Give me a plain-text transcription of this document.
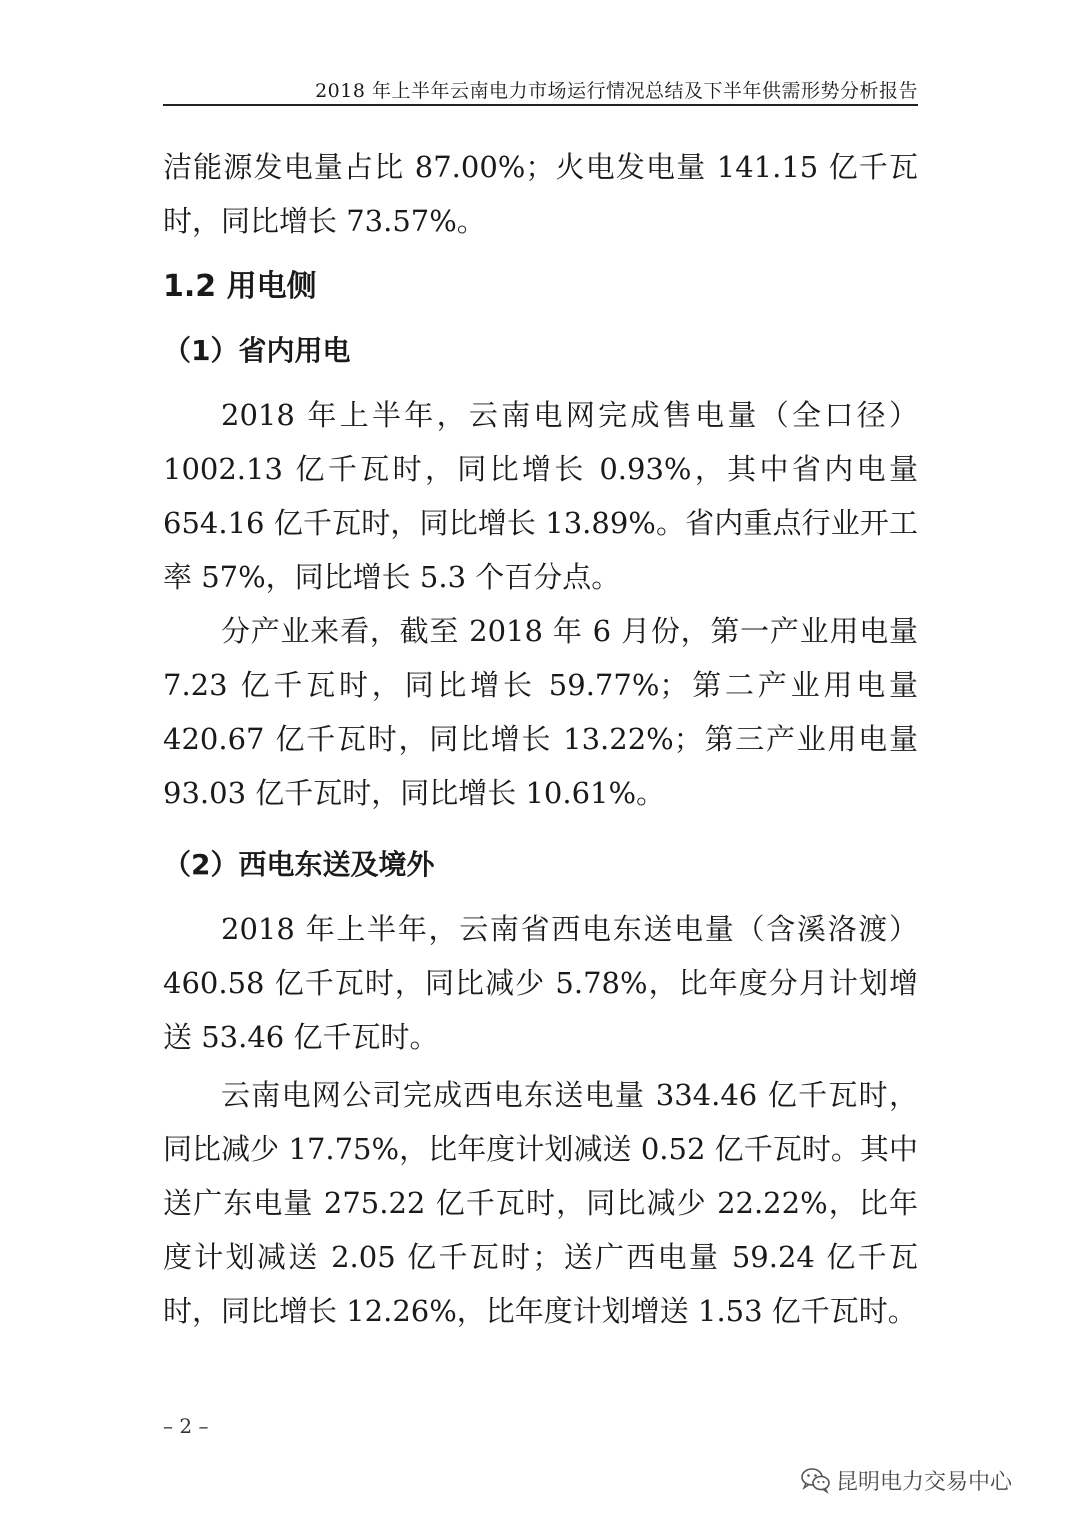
2018 年上半年云南电力市场运行情况总结及下半年供需形势分析报告

洁能源发电量占比 87.00%；火电发电量 141.15 亿千瓦时，同比增长 73.57%。

1.2 用电侧
（1）省内用电

2018 年上半年，云南电网完成售电量（全口径）1002.13 亿千瓦时，同比增长 0.93%，其中省内电量 654.16 亿千瓦时，同比增长 13.89%。省内重点行业开工率 57%，同比增长 5.3 个百分点。

分产业来看，截至 2018 年 6 月份，第一产业用电量 7.23 亿千瓦时，同比增长 59.77%；第二产业用电量 420.67 亿千瓦时，同比增长 13.22%；第三产业用电量 93.03 亿千瓦时，同比增长 10.61%。

（2）西电东送及境外

2018 年上半年，云南省西电东送电量（含溪洛渡）460.58 亿千瓦时，同比减少 5.78%，比年度分月计划增送 53.46 亿千瓦时。

云南电网公司完成西电东送电量 334.46 亿千瓦时，同比减少 17.75%，比年度计划减送 0.52 亿千瓦时。其中送广东电量 275.22 亿千瓦时，同比减少 22.22%，比年度计划减送 2.05 亿千瓦时；送广西电量 59.24 亿千瓦时，同比增长 12.26%，比年度计划增送 1.53 亿千瓦时。

– 2 –
昆明电力交易中心
